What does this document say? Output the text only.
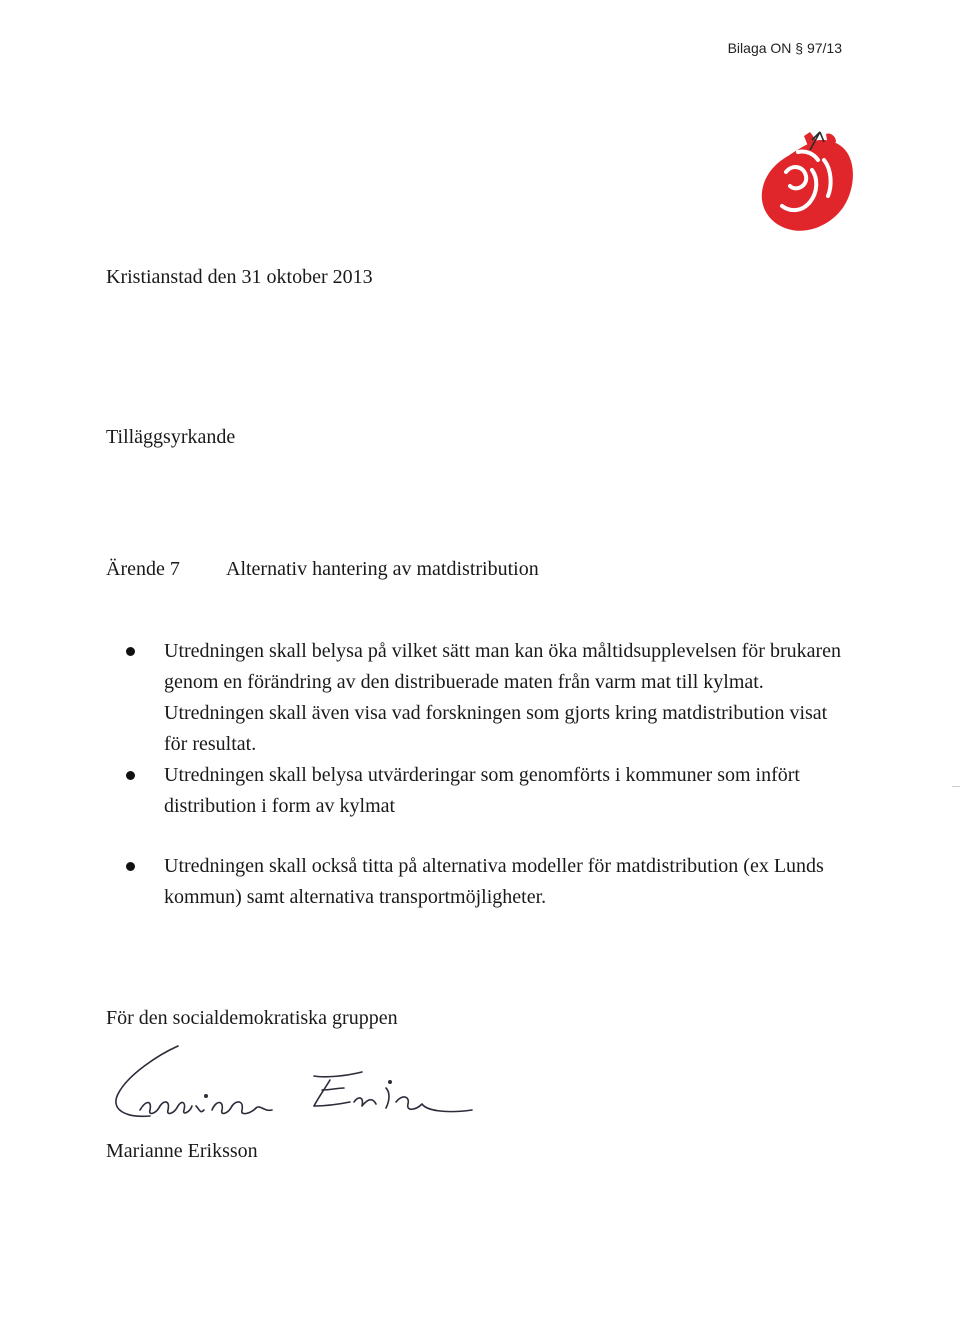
Bilaga ON § 97/13
Kristianstad den 31 oktober 2013
Tilläggsyrkande
Ärende 7	Alternativ hantering av matdistribution
Utredningen skall belysa på vilket sätt man kan öka måltidsupplevelsen för brukaren genom en förändring av den distribuerade maten från varm mat till kylmat. Utredningen skall även visa vad forskningen som gjorts kring matdistribution visat för resultat.
Utredningen skall belysa utvärderingar som genomförts i kommuner som infört distribution i form av kylmat
Utredningen skall också titta på alternativa modeller för matdistribution (ex Lunds kommun) samt alternativa transportmöjligheter.
För den socialdemokratiska gruppen
Marianne Eriksson
